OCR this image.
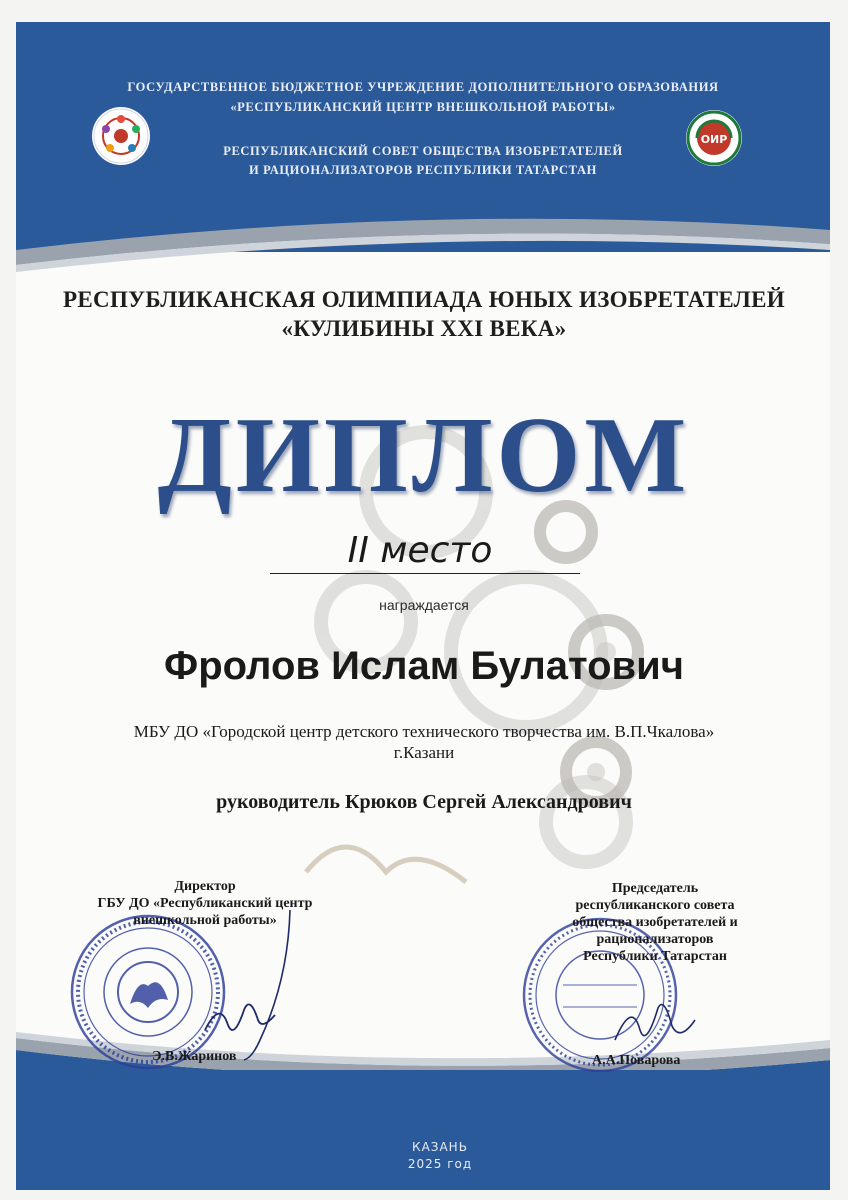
ГОСУДАРСТВЕННОЕ БЮДЖЕТНОЕ УЧРЕЖДЕНИЕ ДОПОЛНИТЕЛЬНОГО ОБРАЗОВАНИЯ
«РЕСПУБЛИКАНСКИЙ ЦЕНТР ВНЕШКОЛЬНОЙ РАБОТЫ»
РЕСПУБЛИКАНСКИЙ СОВЕТ ОБЩЕСТВА ИЗОБРЕТАТЕЛЕЙ
И РАЦИОНАЛИЗАТОРОВ РЕСПУБЛИКИ ТАТАРСТАН
ОИР
КАЗАНЬ
2025 год
РЕСПУБЛИКАНСКАЯ ОЛИМПИАДА ЮНЫХ ИЗОБРЕТАТЕЛЕЙ
«КУЛИБИНЫ XXI ВЕКА»
ДИПЛОМ
II место
награждается
Фролов Ислам Булатович
МБУ ДО «Городской центр детского технического творчества им. В.П.Чкалова»
г.Казани
руководитель Крюков Сергей Александрович
Директор
ГБУ ДО «Республиканский центр
внешкольной работы»
Э.В.Жаринов
Председатель
республиканского совета
общества изобретателей и
рационализаторов
Республики Татарстан
А.А.Поварова
